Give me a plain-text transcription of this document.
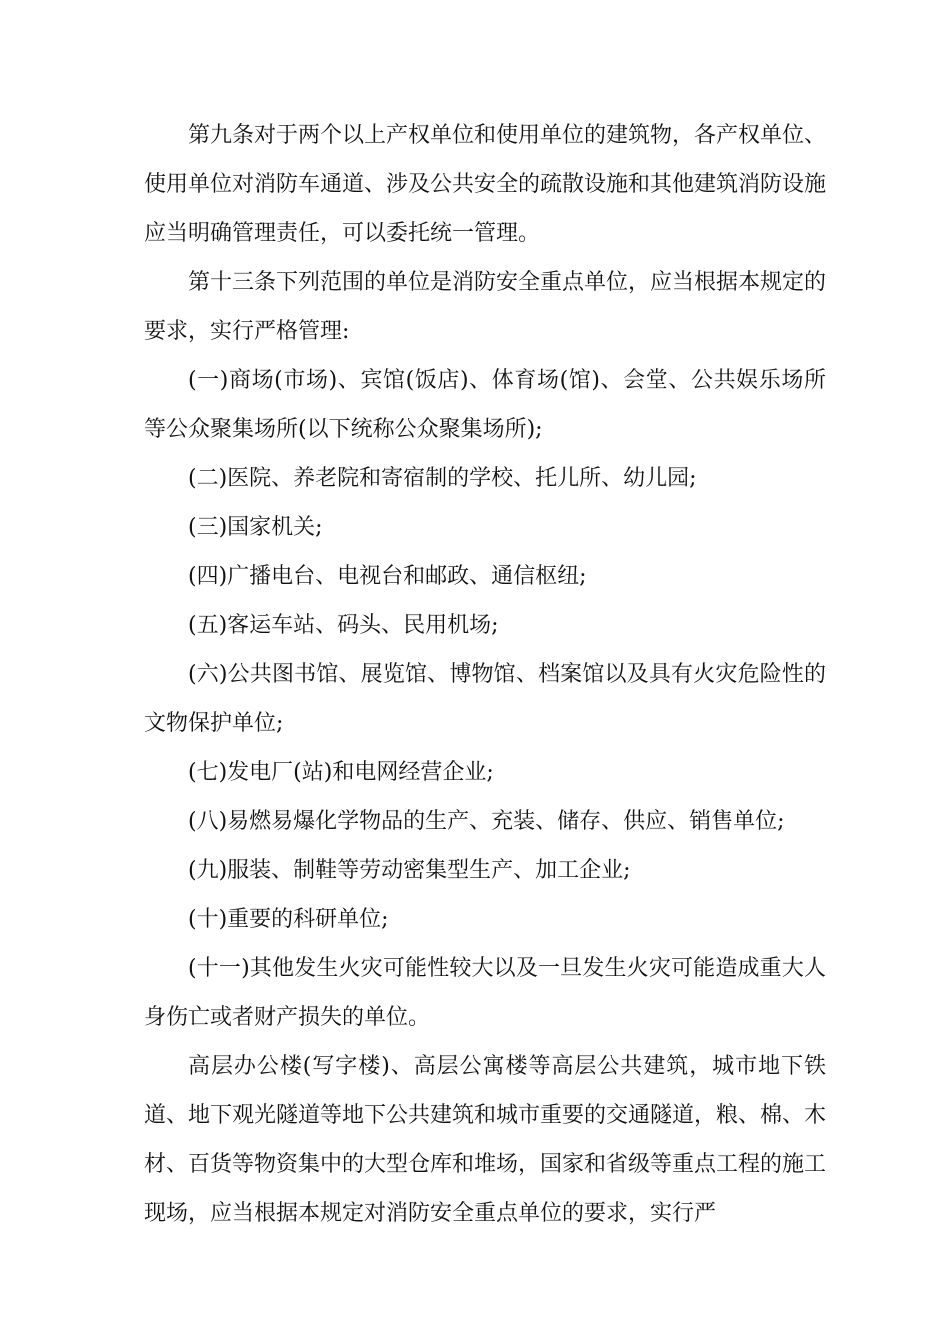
第九条对于两个以上产权单位和使用单位的建筑物，各产权单位、使用单位对消防车通道、涉及公共安全的疏散设施和其他建筑消防设施应当明确管理责任，可以委托统一管理。

第十三条下列范围的单位是消防安全重点单位，应当根据本规定的要求，实行严格管理:

(一)商场(市场)、宾馆(饭店)、体育场(馆)、会堂、公共娱乐场所等公众聚集场所(以下统称公众聚集场所);

(二)医院、养老院和寄宿制的学校、托儿所、幼儿园;

(三)国家机关;

(四)广播电台、电视台和邮政、通信枢纽;

(五)客运车站、码头、民用机场;

(六)公共图书馆、展览馆、博物馆、档案馆以及具有火灾危险性的文物保护单位;

(七)发电厂(站)和电网经营企业;

(八)易燃易爆化学物品的生产、充装、储存、供应、销售单位;

(九)服装、制鞋等劳动密集型生产、加工企业;

(十)重要的科研单位;

(十一)其他发生火灾可能性较大以及一旦发生火灾可能造成重大人身伤亡或者财产损失的单位。

高层办公楼(写字楼)、高层公寓楼等高层公共建筑，城市地下铁道、地下观光隧道等地下公共建筑和城市重要的交通隧道，粮、棉、木材、百货等物资集中的大型仓库和堆场，国家和省级等重点工程的施工现场，应当根据本规定对消防安全重点单位的要求，实行严
